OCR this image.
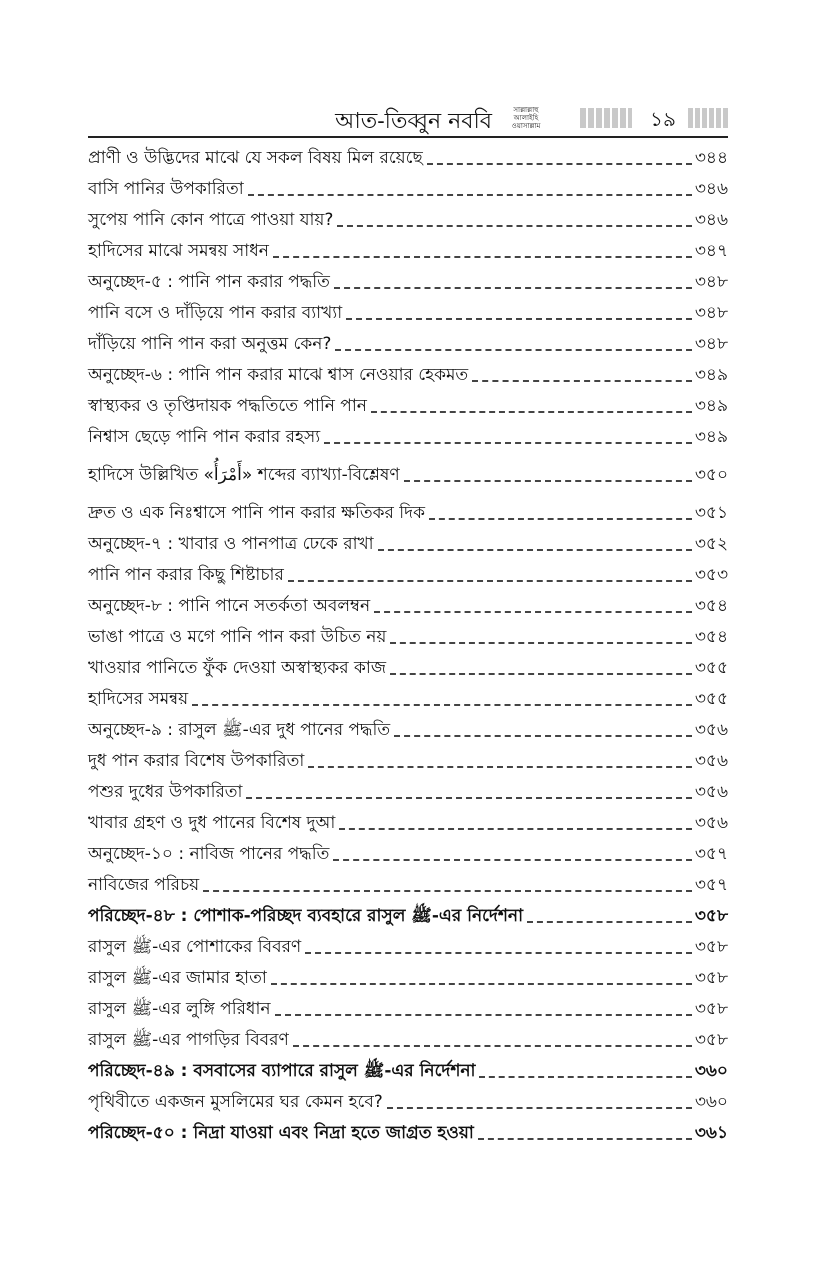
আত-তিব্বুন নববি	সাল্লাল্লাহু আলাইহি ওয়াসাল্লাম	১৯
প্রাণী ও উদ্ভিদের মাঝে যে সকল বিষয় মিল রয়েছে	৩৪৪
বাসি পানির উপকারিতা	৩৪৬
সুপেয় পানি কোন পাত্রে পাওয়া যায়?	৩৪৬
হাদিসের মাঝে সমন্বয় সাধন	৩৪৭
অনুচ্ছেদ-৫ : পানি পান করার পদ্ধতি	৩৪৮
পানি বসে ও দাঁড়িয়ে পান করার ব্যাখ্যা	৩৪৮
দাঁড়িয়ে পানি পান করা অনুত্তম কেন?	৩৪৮
অনুচ্ছেদ-৬ : পানি পান করার মাঝে শ্বাস নেওয়ার হেকমত	৩৪৯
স্বাস্থ্যকর ও তৃপ্তিদায়ক পদ্ধতিতে পানি পান	৩৪৯
নিশ্বাস ছেড়ে পানি পান করার রহস্য	৩৪৯
হাদিসে উল্লিখিত «أَمْرَأُ» শব্দের ব্যাখ্যা-বিশ্লেষণ	৩৫০
দ্রুত ও এক নিঃশ্বাসে পানি পান করার ক্ষতিকর দিক	৩৫১
অনুচ্ছেদ-৭ : খাবার ও পানপাত্র ঢেকে রাখা	৩৫২
পানি পান করার কিছু শিষ্টাচার	৩৫৩
অনুচ্ছেদ-৮ : পানি পানে সতর্কতা অবলম্বন	৩৫৪
ভাঙা পাত্রে ও মগে পানি পান করা উচিত নয়	৩৫৪
খাওয়ার পানিতে ফুঁক দেওয়া অস্বাস্থ্যকর কাজ	৩৫৫
হাদিসের সমন্বয়	৩৫৫
অনুচ্ছেদ-৯ : রাসুল ﷺ-এর দুধ পানের পদ্ধতি	৩৫৬
দুধ পান করার বিশেষ উপকারিতা	৩৫৬
পশুর দুধের উপকারিতা	৩৫৬
খাবার গ্রহণ ও দুধ পানের বিশেষ দুআ	৩৫৬
অনুচ্ছেদ-১০ : নাবিজ পানের পদ্ধতি	৩৫৭
নাবিজের পরিচয়	৩৫৭
পরিচ্ছেদ-৪৮ : পোশাক-পরিচ্ছদ ব্যবহারে রাসুল ﷺ-এর নির্দেশনা	৩৫৮
রাসুল ﷺ-এর পোশাকের বিবরণ	৩৫৮
রাসুল ﷺ-এর জামার হাতা	৩৫৮
রাসুল ﷺ-এর লুঙ্গি পরিধান	৩৫৮
রাসুল ﷺ-এর পাগড়ির বিবরণ	৩৫৮
পরিচ্ছেদ-৪৯ : বসবাসের ব্যাপারে রাসুল ﷺ-এর নির্দেশনা	৩৬০
পৃথিবীতে একজন মুসলিমের ঘর কেমন হবে?	৩৬০
পরিচ্ছেদ-৫০ : নিদ্রা যাওয়া এবং নিদ্রা হতে জাগ্রত হওয়া	৩৬১
